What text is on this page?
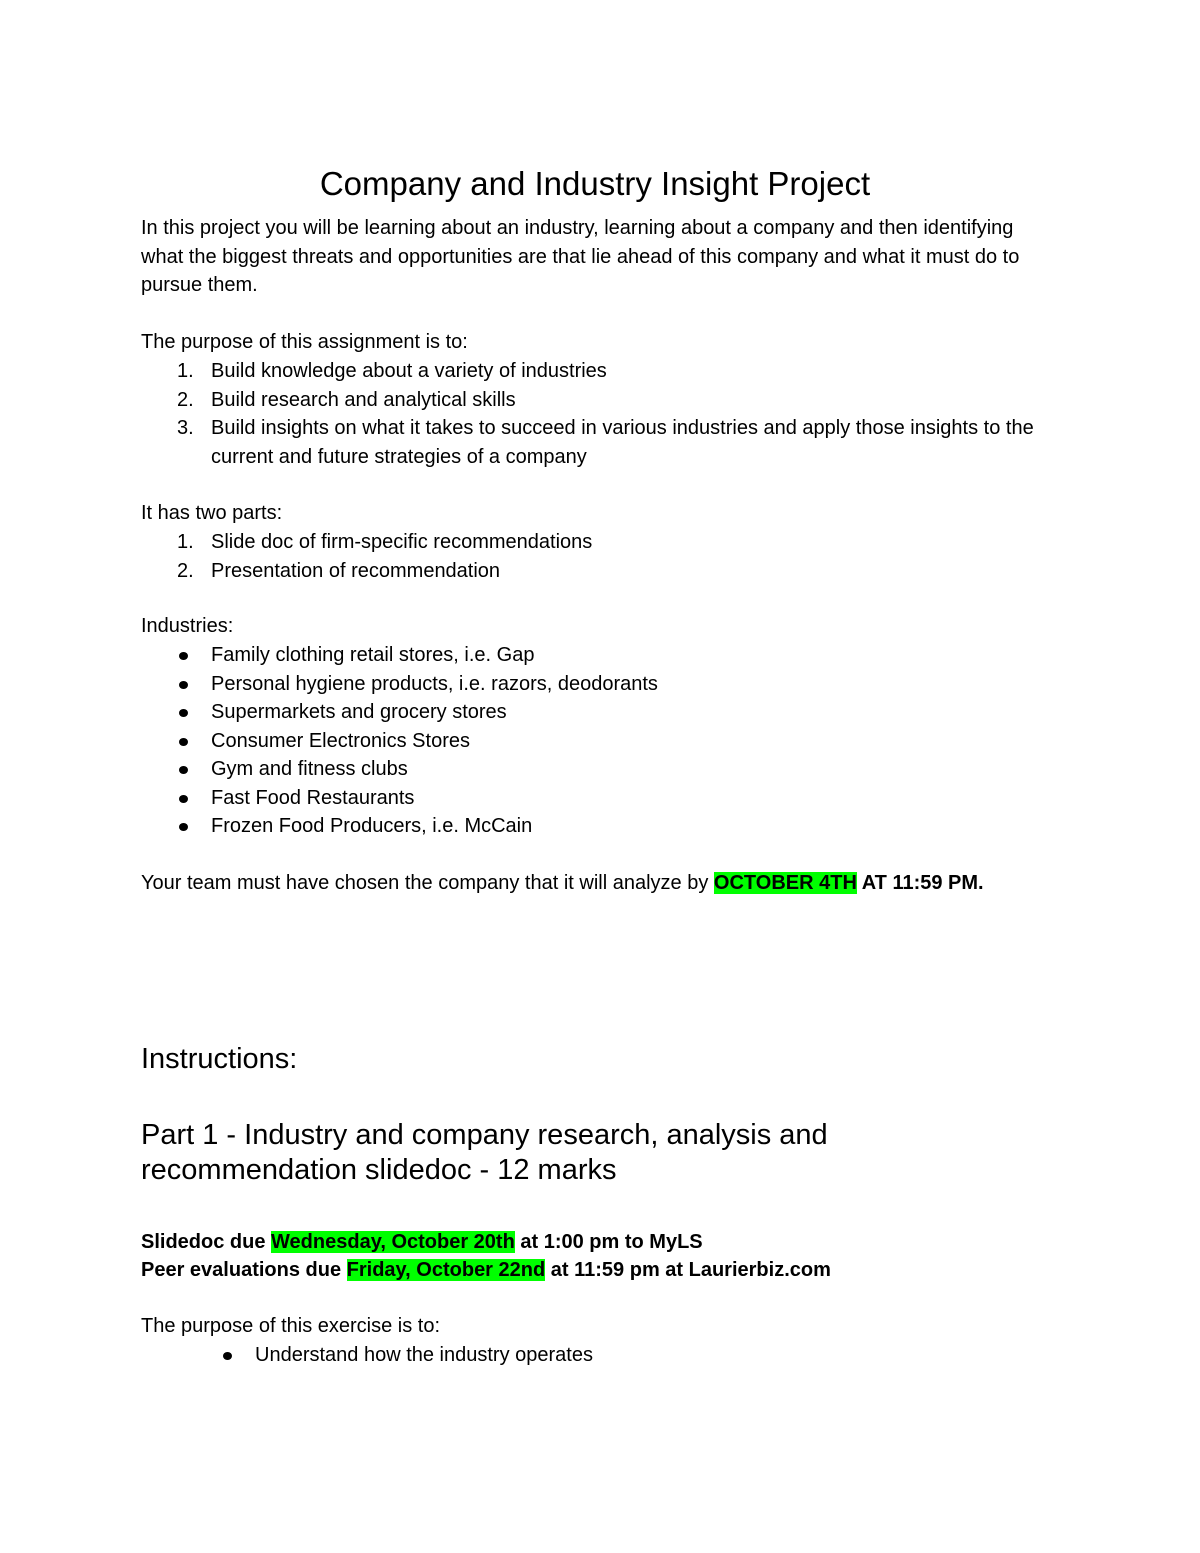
Company and Industry Insight Project

In this project you will be learning about an industry, learning about a company and then identifying what the biggest threats and opportunities are that lie ahead of this company and what it must do to pursue them.

The purpose of this assignment is to:

1. Build knowledge about a variety of industries
2. Build research and analytical skills
3. Build insights on what it takes to succeed in various industries and apply those insights to the current and future strategies of a company

It has two parts:

1. Slide doc of firm-specific recommendations
2. Presentation of recommendation

Industries:

Family clothing retail stores, i.e. Gap
Personal hygiene products, i.e. razors, deodorants
Supermarkets and grocery stores
Consumer Electronics Stores
Gym and fitness clubs
Fast Food Restaurants
Frozen Food Producers, i.e. McCain

Your team must have chosen the company that it will analyze by OCTOBER 4TH AT 11:59 PM.

Instructions:
Part 1 - Industry and company research, analysis and recommendation slidedoc - 12 marks

Slidedoc due Wednesday, October 20th at 1:00 pm to MyLS

Peer evaluations due Friday, October 22nd at 11:59 pm at Laurierbiz.com

The purpose of this exercise is to:

Understand how the industry operates
